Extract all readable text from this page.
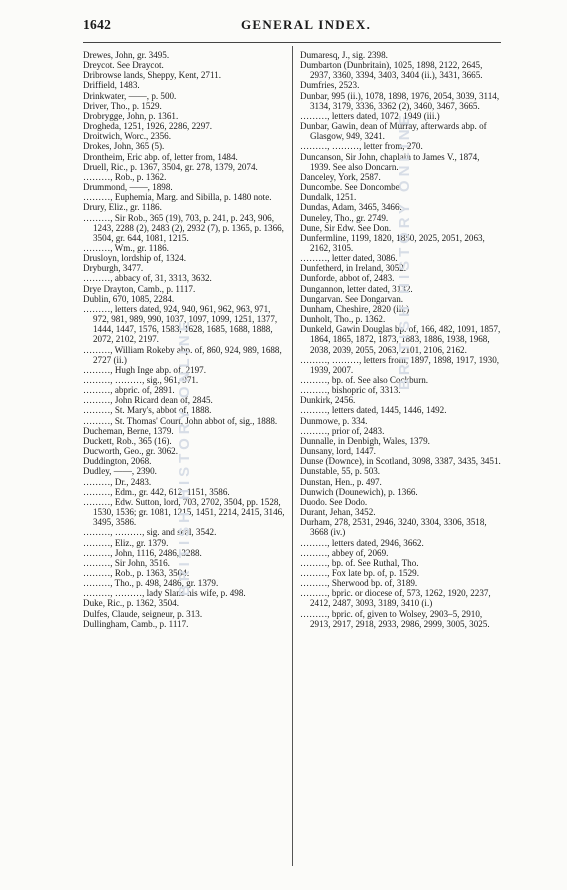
1642	GENERAL INDEX.

Drewes, John, gr. 3495.

Dreycot. See Draycot.

Dribrowse lands, Sheppy, Kent, 2711.

Driffield, 1483.

Drinkwater, ——, p. 500.

Driver, Tho., p. 1529.

Drobrygge, John, p. 1361.

Drogheda, 1251, 1926, 2286, 2297.

Droitwich, Worc., 2356.

Drokes, John, 365 (5).

Drontheim, Eric abp. of, letter from, 1484.

Druell, Ric., p. 1367, 3504, gr. 278, 1379, 2074.

………, Rob., p. 1362.

Drummond, ——, 1898.

………, Euphemia, Marg. and Sibilla, p. 1480 note.

Drury, Eliz., gr. 1186.

………, Sir Rob., 365 (19), 703, p. 241, p. 243, 906, 1243, 2288 (2), 2483 (2), 2932 (7), p. 1365, p. 1366, 3504, gr. 644, 1081, 1215.

………, Wm., gr. 1186.

Drusloyn, lordship of, 1324.

Dryburgh, 3477.

………, abbacy of, 31, 3313, 3632.

Drye Drayton, Camb., p. 1117.

Dublin, 670, 1085, 2284.

………, letters dated, 924, 940, 961, 962, 963, 971, 972, 981, 989, 990, 1037, 1097, 1099, 1251, 1377, 1444, 1447, 1576, 1583, 1628, 1685, 1688, 1888, 2072, 2102, 2197.

………, William Rokeby abp. of, 860, 924, 989, 1688, 2727 (ii.)

………, Hugh Inge abp. of, 2197.

………, ………, sig., 961, 971.

………, abpric. of, 2891.

………, John Ricard dean of, 2845.

………, St. Mary's, abbot of, 1888.

………, St. Thomas' Court, John abbot of, sig., 1888.

Ducheman, Berne, 1379.

Duckett, Rob., 365 (16).

Ducworth, Geo., gr. 3062.

Duddington, 2068.

Dudley, ——, 2390.

………, Dr., 2483.

………, Edm., gr. 442, 612, 1151, 3586.

………, Edw. Sutton, lord, 703, 2702, 3504, pp. 1528, 1530, 1536; gr. 1081, 1215, 1451, 2214, 2415, 3146, 3495, 3586.

………, ………, sig. and seal, 3542.

………, Eliz., gr. 1379.

………, John, 1116, 2486, 3288.

………, Sir John, 3516.

………, Rob., p. 1363, 3504.

………, Tho., p. 498, 2486, gr. 1379.

………, ………, lady Slane his wife, p. 498.

Duke, Ric., p. 1362, 3504.

Dulfes, Claude, seigneur, p. 313.

Dullingham, Camb., p. 1117.

Dumaresq, J., sig. 2398.

Dumbarton (Dunbritain), 1025, 1898, 2122, 2645, 2937, 3360, 3394, 3403, 3404 (ii.), 3431, 3665.

Dumfries, 2523.

Dunbar, 995 (ii.), 1078, 1898, 1976, 2054, 3039, 3114, 3134, 3179, 3336, 3362 (2), 3460, 3467, 3665.

………, letters dated, 1072, 1949 (iii.)

Dunbar, Gawin, dean of Murray, afterwards abp. of Glasgow, 949, 3241.

………, ………, letter from, 270.

Duncanson, Sir John, chaplain to James V., 1874, 1939. See also Doncarn.

Danceley, York, 2587.

Duncombe. See Doncombe.

Dundalk, 1251.

Dundas, Adam, 3465, 3466.

Duneley, Tho., gr. 2749.

Dune, Sir Edw. See Don.

Dunfermline, 1199, 1820, 1850, 2025, 2051, 2063, 2162, 3105.

………, letter dated, 3086.

Dunfetherd, in Ireland, 3052.

Dunforde, abbot of, 2483.

Dungannon, letter dated, 3132.

Dungarvan. See Dongarvan.

Dunham, Cheshire, 2820 (iii.)

Dunholt, Tho., p. 1362.

Dunkeld, Gawin Douglas bp. of, 166, 482, 1091, 1857, 1864, 1865, 1872, 1873, 1883, 1886, 1938, 1968, 2038, 2039, 2055, 2063, 2101, 2106, 2162.

………, ………, letters from, 1897, 1898, 1917, 1930, 1939, 2007.

………, bp. of. See also Cockburn.

………, bishopric of, 3313.

Dunkirk, 2456.

………, letters dated, 1445, 1446, 1492.

Dunmowe, p. 334.

………, prior of, 2483.

Dunnalle, in Denbigh, Wales, 1379.

Dunsany, lord, 1447.

Dunse (Downce), in Scotland, 3098, 3387, 3435, 3451.

Dunstable, 55, p. 503.

Dunstan, Hen., p. 497.

Dunwich (Dounewich), p. 1366.

Duodo. See Dodo.

Durant, Jehan, 3452.

Durham, 278, 2531, 2946, 3240, 3304, 3306, 3518, 3668 (iv.)

………, letters dated, 2946, 3662.

………, abbey of, 2069.

………, bp. of. See Ruthal, Tho.

………, Fox late bp. of, p. 1529.

………, Sherwood bp. of, 3189.

………, bpric. or diocese of, 573, 1262, 1920, 2237, 2412, 2487, 3093, 3189, 3410 (i.)

………, bpric. of, given to Wolsey, 2903–5, 2910, 2913, 2917, 2918, 2933, 2986, 2999, 3005, 3025.

BRITISH HISTORY ONLINE
BRITISH HISTORY ONLINE
